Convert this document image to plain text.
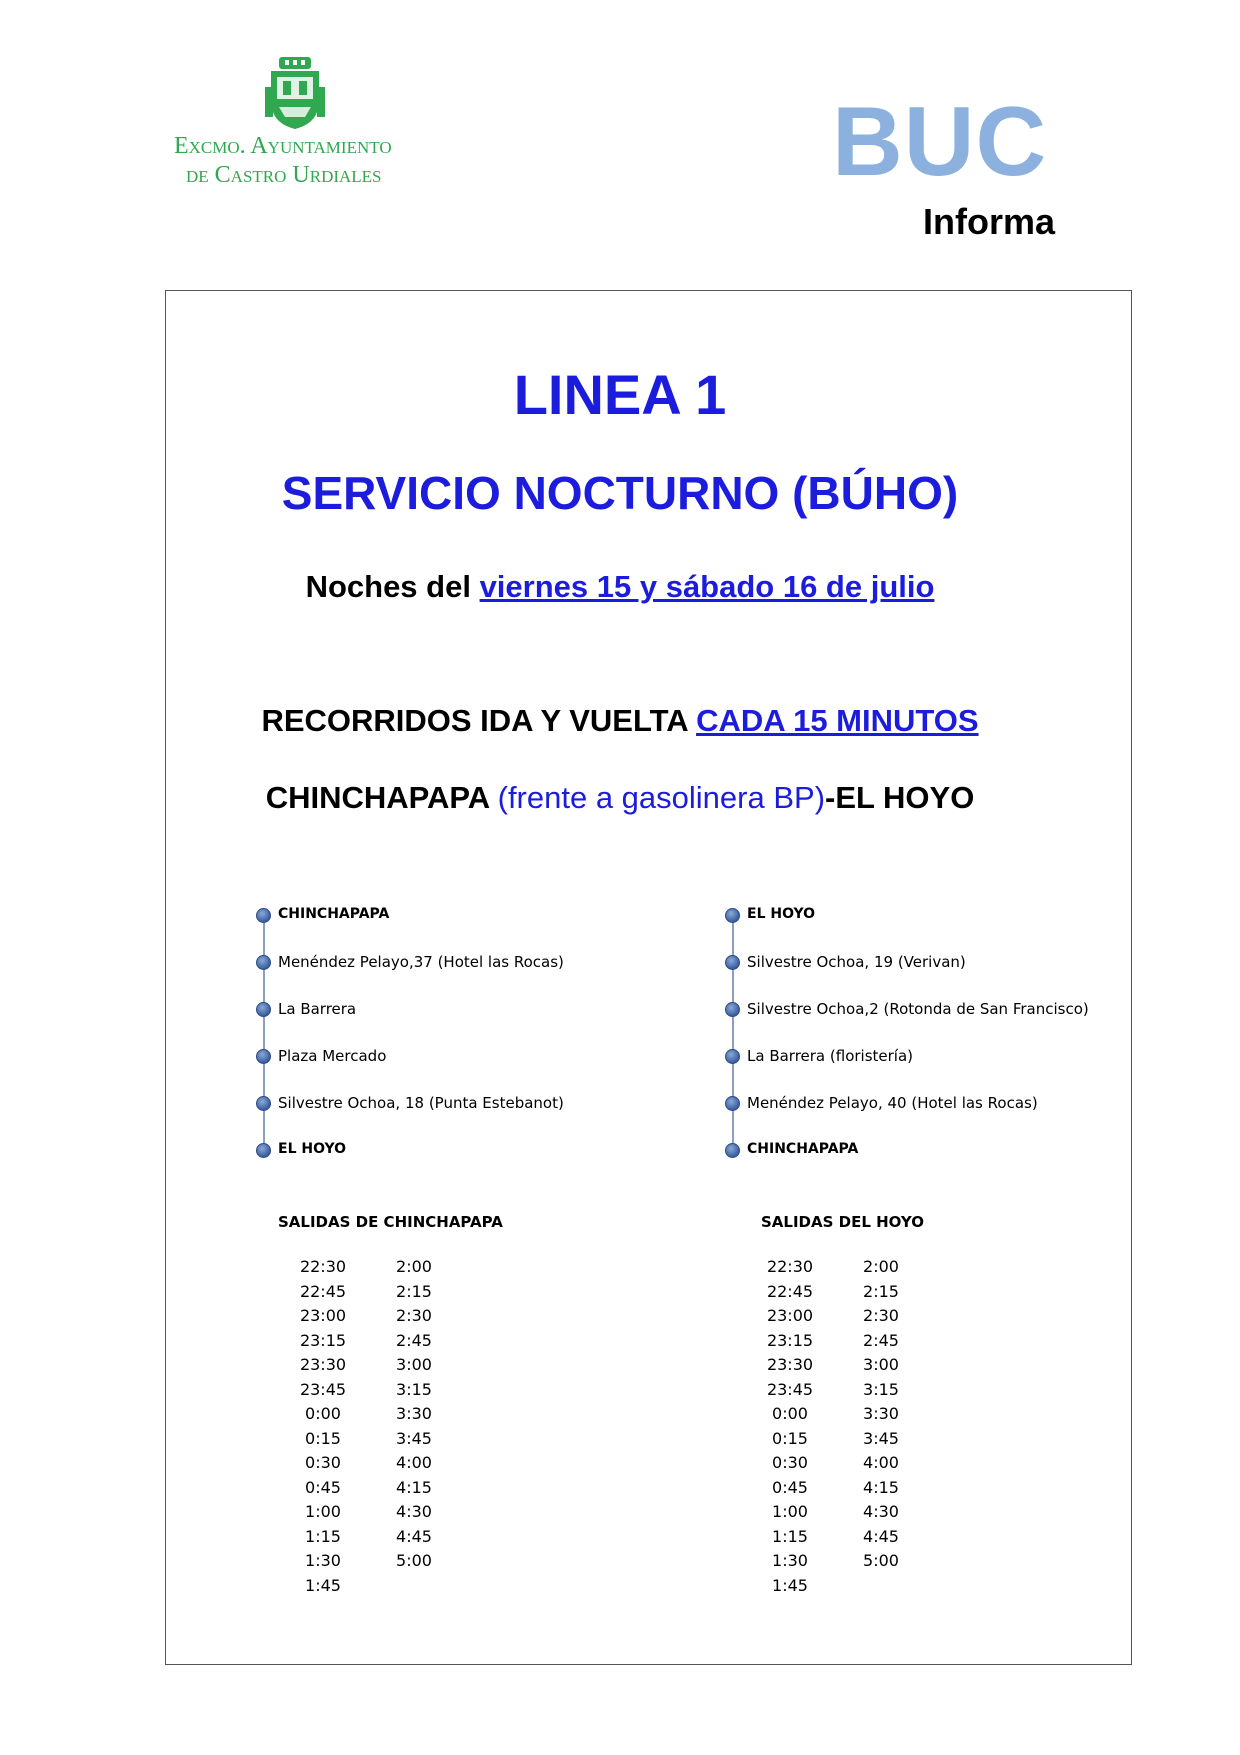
Excmo. Ayuntamiento
de Castro Urdiales	BUC
Informa
LINEA 1
SERVICIO NOCTURNO (BÚHO)
Noches del viernes 15 y sábado 16 de julio
RECORRIDOS IDA Y VUELTA CADA 15 MINUTOS
CHINCHAPAPA (frente a gasolinera BP)-EL HOYO
CHINCHAPAPA
Menéndez Pelayo,37 (Hotel las Rocas)
La Barrera
Plaza Mercado
Silvestre Ochoa, 18 (Punta Estebanot)
EL HOYO
EL HOYO
Silvestre Ochoa, 19 (Verivan)
Silvestre Ochoa,2 (Rotonda de San Francisco)
La Barrera (floristería)
Menéndez Pelayo, 40 (Hotel las Rocas)
CHINCHAPAPA
SALIDAS DE CHINCHAPAPA	SALIDAS DEL HOYO
22:30
22:45
23:00
23:15
23:30
23:45
0:00
0:15
0:30
0:45
1:00
1:15
1:30
1:45
2:00
2:15
2:30
2:45
3:00
3:15
3:30
3:45
4:00
4:15
4:30
4:45
5:00
22:30
22:45
23:00
23:15
23:30
23:45
0:00
0:15
0:30
0:45
1:00
1:15
1:30
1:45
2:00
2:15
2:30
2:45
3:00
3:15
3:30
3:45
4:00
4:15
4:30
4:45
5:00
